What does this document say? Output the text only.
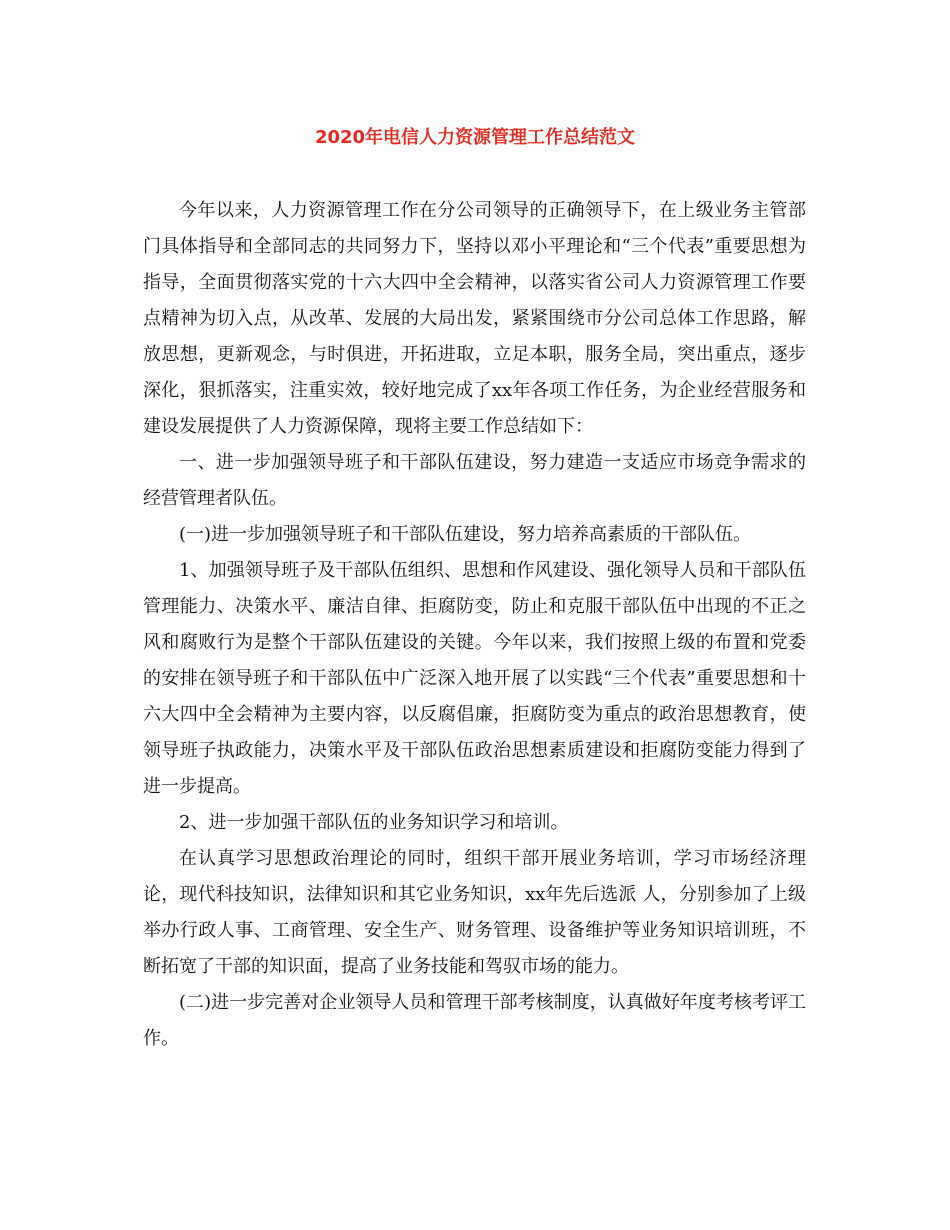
2020年电信人力资源管理工作总结范文

今年以来，人力资源管理工作在分公司领导的正确领导下，在上级业务主管部门具体指导和全部同志的共同努力下，坚持以邓小平理论和“三个代表”重要思想为指导，全面贯彻落实党的十六大四中全会精神，以落实省公司人力资源管理工作要点精神为切入点，从改革、发展的大局出发，紧紧围绕市分公司总体工作思路，解放思想，更新观念，与时俱进，开拓进取，立足本职，服务全局，突出重点，逐步深化，狠抓落实，注重实效，较好地完成了xx年各项工作任务，为企业经营服务和建设发展提供了人力资源保障，现将主要工作总结如下：

一、进一步加强领导班子和干部队伍建设，努力建造一支适应市场竞争需求的经营管理者队伍。

(一)进一步加强领导班子和干部队伍建设，努力培养高素质的干部队伍。

1、加强领导班子及干部队伍组织、思想和作风建设、强化领导人员和干部队伍管理能力、决策水平、廉洁自律、拒腐防变，防止和克服干部队伍中出现的不正之风和腐败行为是整个干部队伍建设的关键。今年以来，我们按照上级的布置和党委的安排在领导班子和干部队伍中广泛深入地开展了以实践“三个代表”重要思想和十六大四中全会精神为主要内容，以反腐倡廉，拒腐防变为重点的政治思想教育，使领导班子执政能力，决策水平及干部队伍政治思想素质建设和拒腐防变能力得到了进一步提高。

2、进一步加强干部队伍的业务知识学习和培训。

在认真学习思想政治理论的同时，组织干部开展业务培训，学习市场经济理论，现代科技知识，法律知识和其它业务知识，xx年先后选派 人，分别参加了上级举办行政人事、工商管理、安全生产、财务管理、设备维护等业务知识培训班，不断拓宽了干部的知识面，提高了业务技能和驾驭市场的能力。

(二)进一步完善对企业领导人员和管理干部考核制度，认真做好年度考核考评工作。
